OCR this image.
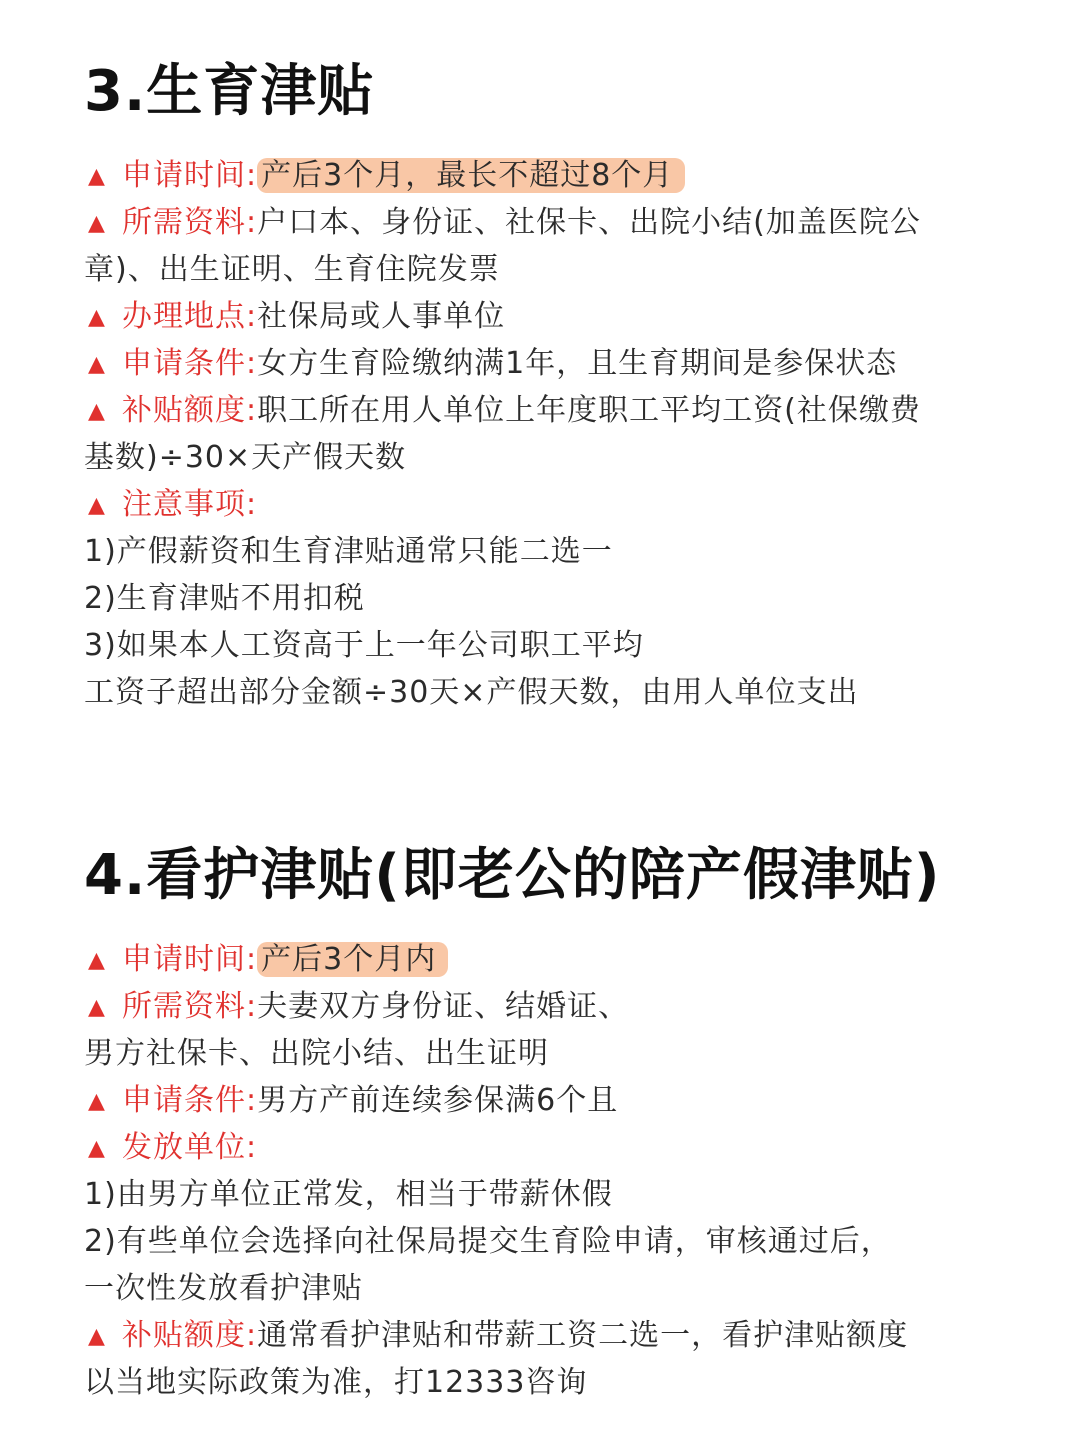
3.生育津贴
▲ 申请时间: 产后3个月，最长不超过8个月
▲ 所需资料:户口本、身份证、社保卡、出院小结(加盖医院公
章)、出生证明、生育住院发票
▲ 办理地点:社保局或人事单位
▲ 申请条件:女方生育险缴纳满1年，且生育期间是参保状态
▲ 补贴额度:职工所在用人单位上年度职工平均工资(社保缴费
基数)÷30×天产假天数
▲ 注意事项:
1)产假薪资和生育津贴通常只能二选一
2)生育津贴不用扣税
3)如果本人工资高于上一年公司职工平均
工资子超出部分金额÷30天×产假天数，由用人单位支出
4.看护津贴(即老公的陪产假津贴)
▲ 申请时间: 产后3个月内
▲ 所需资料:夫妻双方身份证、结婚证、
男方社保卡、出院小结、出生证明
▲ 申请条件:男方产前连续参保满6个且
▲ 发放单位:
1)由男方单位正常发，相当于带薪休假
2)有些单位会选择向社保局提交生育险申请，审核通过后，
一次性发放看护津贴
▲ 补贴额度:通常看护津贴和带薪工资二选一，看护津贴额度
以当地实际政策为准，打12333咨询
